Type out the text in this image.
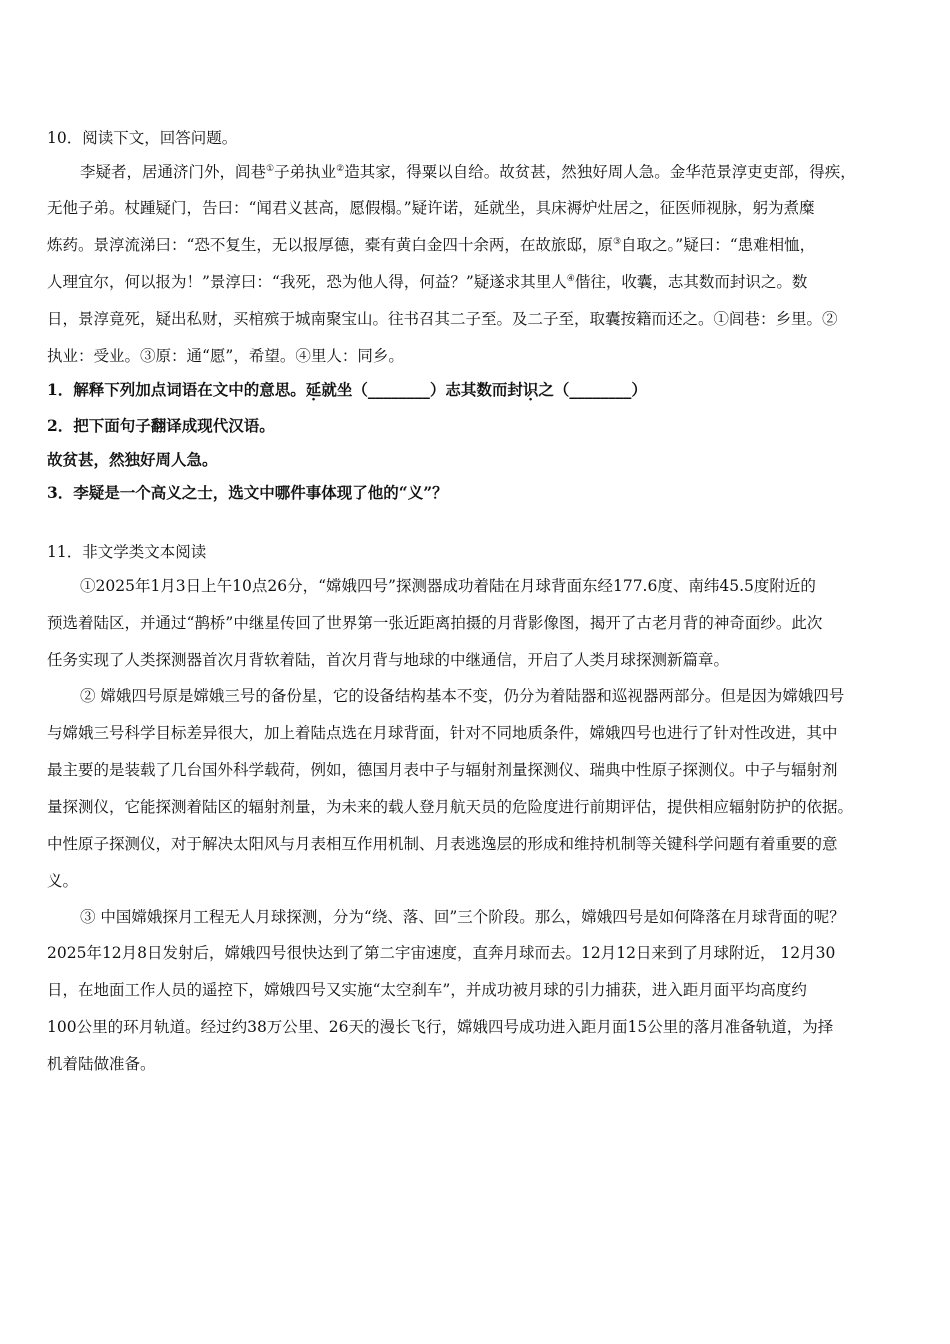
10．阅读下文，回答问题。
李疑者，居通济门外，闾巷①子弟执业②造其家，得粟以自给。故贫甚，然独好周人急。金华范景淳吏吏部，得疾，
无他子弟。杖踵疑门，告曰：“闻君义甚高，愿假榻。”疑许诺，延就坐，具床褥炉灶居之，征医师视脉，躬为煮糜
炼药。景淳流涕曰：“恐不复生，无以报厚德，橐有黄白金四十余两，在故旅邸，原③自取之。”疑曰：“患难相恤，
人理宜尔，何以报为！”景淳曰：“我死，恐为他人得，何益？”疑遂求其里人④偕往，收囊，志其数而封识之。数
日，景淳竟死，疑出私财，买棺殡于城南聚宝山。往书召其二子至。及二子至，取囊按籍而还之。①闾巷：乡里。②
执业：受业。③原：通“愿”，希望。④里人：同乡。
1．解释下列加点词语在文中的意思。延就坐（________）志其数而封识之（________）
2．把下面句子翻译成现代汉语。
故贫甚，然独好周人急。
3．李疑是一个高义之士，选文中哪件事体现了他的“义”？
11．非文学类文本阅读
①2025年1月3日上午10点26分，“嫦娥四号”探测器成功着陆在月球背面东经177.6度、南纬45.5度附近的
预选着陆区，并通过“鹊桥”中继星传回了世界第一张近距离拍摄的月背影像图，揭开了古老月背的神奇面纱。此次
任务实现了人类探测器首次月背软着陆，首次月背与地球的中继通信，开启了人类月球探测新篇章。
② 嫦娥四号原是嫦娥三号的备份星，它的设备结构基本不变，仍分为着陆器和巡视器两部分。但是因为嫦娥四号
与嫦娥三号科学目标差异很大，加上着陆点选在月球背面，针对不同地质条件，嫦娥四号也进行了针对性改进，其中
最主要的是装载了几台国外科学载荷，例如，德国月表中子与辐射剂量探测仪、瑞典中性原子探测仪。中子与辐射剂
量探测仪，它能探测着陆区的辐射剂量，为未来的载人登月航天员的危险度进行前期评估，提供相应辐射防护的依据。
中性原子探测仪，对于解决太阳风与月表相互作用机制、月表逃逸层的形成和维持机制等关键科学问题有着重要的意
义。
③ 中国嫦娥探月工程无人月球探测，分为“绕、落、回”三个阶段。那么，嫦娥四号是如何降落在月球背面的呢？
2025年12月8日发射后，嫦娥四号很快达到了第二宇宙速度，直奔月球而去。12月12日来到了月球附近， 12月30
日，在地面工作人员的遥控下，嫦娥四号又实施“太空刹车”，并成功被月球的引力捕获，进入距月面平均高度约
100公里的环月轨道。经过约38万公里、26天的漫长飞行，嫦娥四号成功进入距月面15公里的落月准备轨道，为择
机着陆做准备。
